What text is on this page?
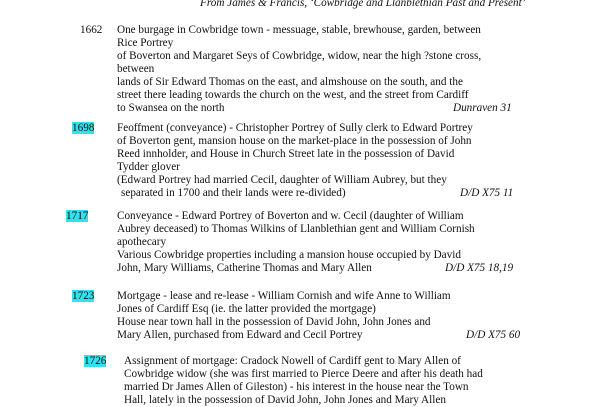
From James & Francis, ‘Cowbridge and Llanblethian Past and Present’
1662 One burgage in Cowbridge town - messuage, stable, brewhouse, garden, between
Rice Portrey
of Boverton and Margaret Seys of Cowbridge, widow, near the high ?stone cross,
between
lands of Sir Edward Thomas on the east, and almshouse on the south, and the
street there leading towards the church on the west, and the street from Cardiff
to Swansea on the north	Dunraven 31
1698 Feoffment (conveyance) - Christopher Portrey of Sully clerk to Edward Portrey
of Boverton gent, mansion house on the market-place in the possession of John
Reed innholder, and House in Church Street late in the possession of David
Tydder glover
(Edward Portrey had married Cecil, daughter of William Aubrey, but they
separated in 1700 and their lands were re-divided)	D/D X75 11
1717	Conveyance - Edward Portrey of Boverton and w. Cecil (daughter of William
Aubrey deceased) to Thomas Wilkins of Llanblethian gent and William Cornish
apothecary
Various Cowbridge properties including a mansion house occupied by David
John, Mary Williams, Catherine Thomas and Mary Allen	D/D X75 18,19
1723 Mortgage - lease and re-lease - William Cornish and wife Anne to William
Jones of Cardiff Esq (ie. the latter provided the mortgage)
House near town hall in the possession of David John, John Jones and
Mary Allen, purchased from Edward and Cecil Portrey	D/D X75 60
1726 Assignment of mortgage: Cradock Nowell of Cardiff gent to Mary Allen of
Cowbridge widow (she was first married to Pierce Deere and after his death had
married Dr James Allen of Gileston) - his interest in the house near the Town
Hall, lately in the possession of David John, John Jones and Mary Allen
